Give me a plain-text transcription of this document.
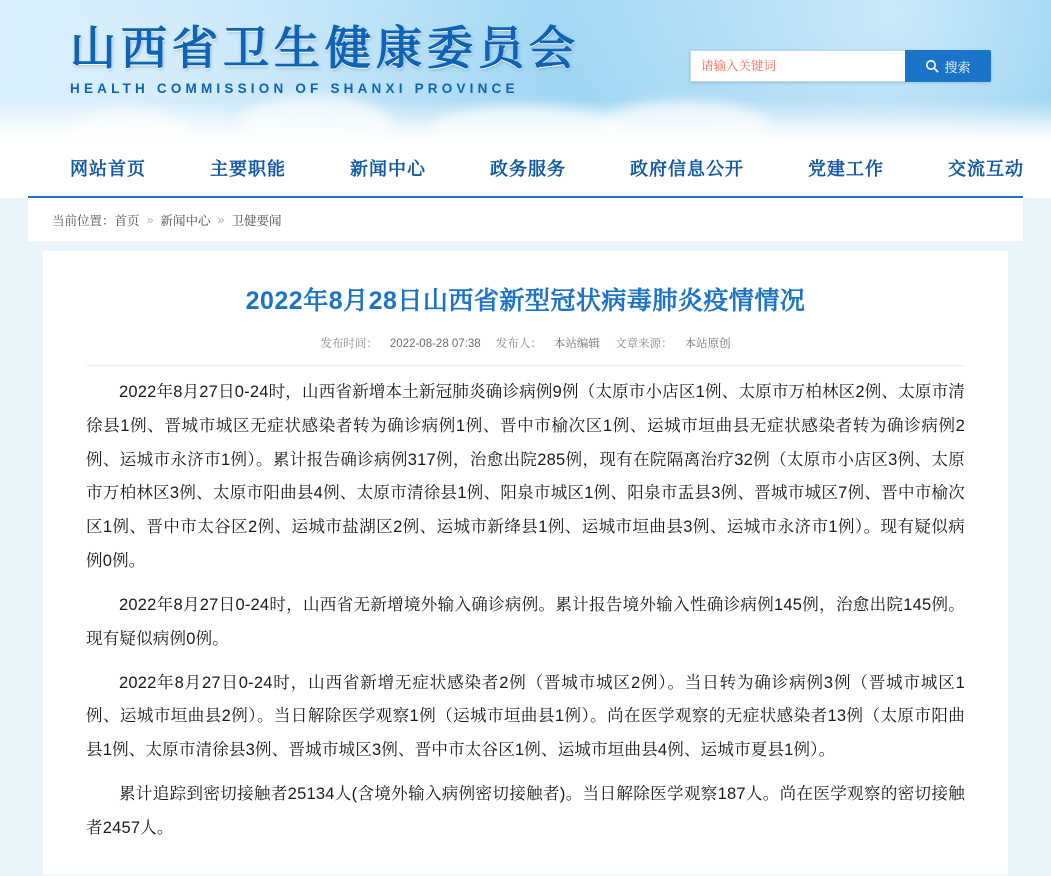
山西省卫生健康委员会
HEALTH COMMISSION OF SHANXI PROVINCE
请输入关键词
搜索
网站首页	主要职能	新闻中心	政务服务	政府信息公开	党建工作	交流互动
当前位置： 首页 » 新闻中心 » 卫健要闻
2022年8月28日山西省新型冠状病毒肺炎疫情情况
发布时间： 2022-08-28 07:38 发布人： 本站编辑 文章来源： 本站原创

2022年8月27日0-24时，山西省新增本土新冠肺炎确诊病例9例（太原市小店区1例、太原市万柏林区2例、太原市清徐县1例、晋城市城区无症状感染者转为确诊病例1例、晋中市榆次区1例、运城市垣曲县无症状感染者转为确诊病例2例、运城市永济市1例）。累计报告确诊病例317例，治愈出院285例，现有在院隔离治疗32例（太原市小店区3例、太原市万柏林区3例、太原市阳曲县4例、太原市清徐县1例、阳泉市城区1例、阳泉市盂县3例、晋城市城区7例、晋中市榆次区1例、晋中市太谷区2例、运城市盐湖区2例、运城市新绛县1例、运城市垣曲县3例、运城市永济市1例）。现有疑似病例0例。

2022年8月27日0-24时，山西省无新增境外输入确诊病例。累计报告境外输入性确诊病例145例，治愈出院145例。现有疑似病例0例。

2022年8月27日0-24时，山西省新增无症状感染者2例（晋城市城区2例）。当日转为确诊病例3例（晋城市城区1例、运城市垣曲县2例）。当日解除医学观察1例（运城市垣曲县1例）。尚在医学观察的无症状感染者13例（太原市阳曲县1例、太原市清徐县3例、晋城市城区3例、晋中市太谷区1例、运城市垣曲县4例、运城市夏县1例）。

累计追踪到密切接触者25134人(含境外输入病例密切接触者)。当日解除医学观察187人。尚在医学观察的密切接触者2457人。
